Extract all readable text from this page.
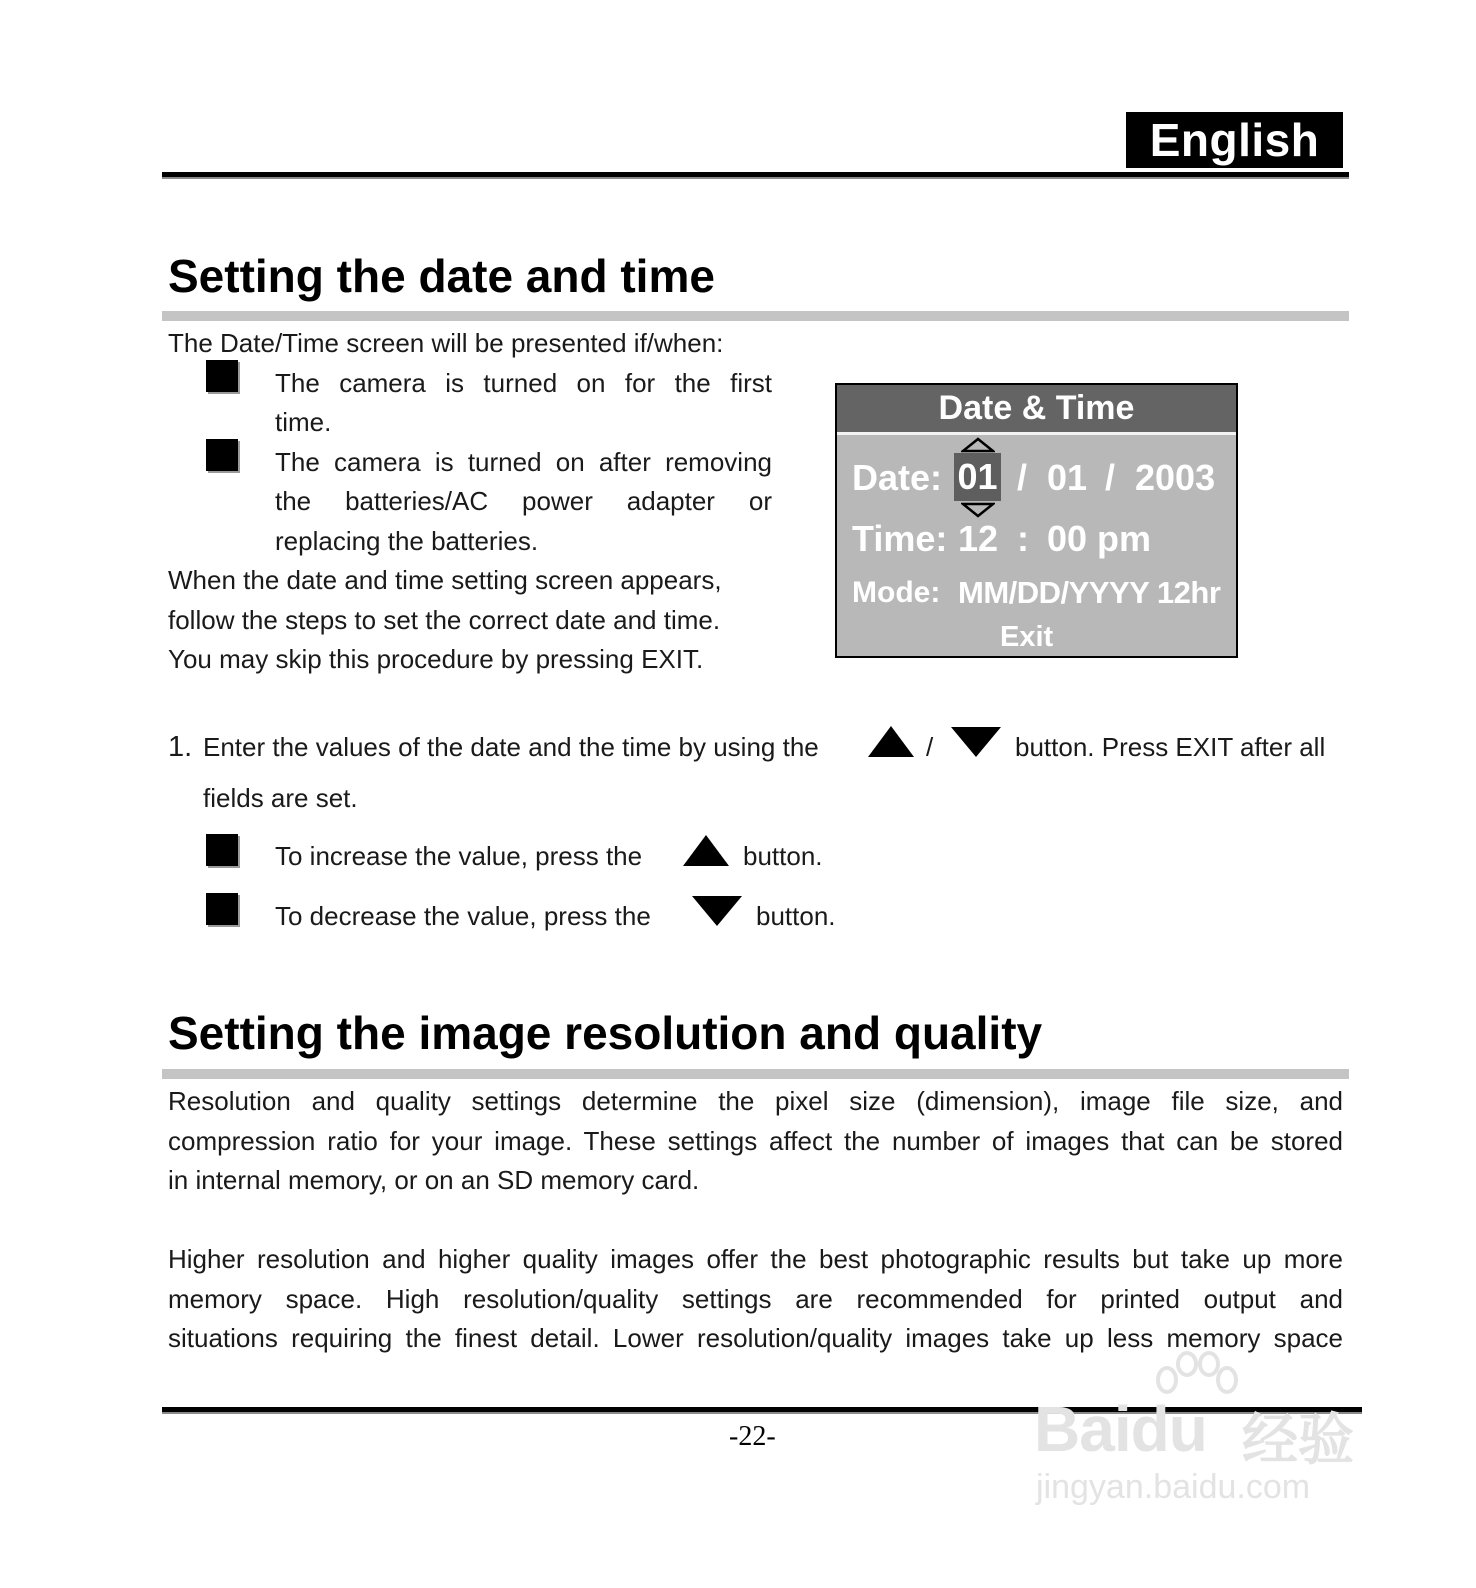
English
Setting the date and time
The Date/Time screen will be presented if/when:
The camera is turned on for the first
time.
The camera is turned on after removing
the batteries/AC power adapter or
replacing the batteries.
When the date and time setting screen appears,
follow the steps to set the correct date and time.
You may skip this procedure by pressing EXIT.
Date & Time
Date: 01 / 01 / 2003
Time: 12 : 00 pm
Mode: MM/DD/YYYY 12hr
Exit
1. Enter the values of the date and the time by using the	/	button. Press EXIT after all
fields are set.
To increase the value, press the	button.
To decrease the value, press the	button.
Setting the image resolution and quality
Resolution and quality settings determine the pixel size (dimension), image file size, and
compression ratio for your image. These settings affect the number of images that can be stored
in internal memory, or on an SD memory card.
Higher resolution and higher quality images offer the best photographic results but take up more
memory space. High resolution/quality settings are recommended for printed output and
situations requiring the finest detail. Lower resolution/quality images take up less memory space
-22-	Baidu 经验
jingyan.baidu.com
